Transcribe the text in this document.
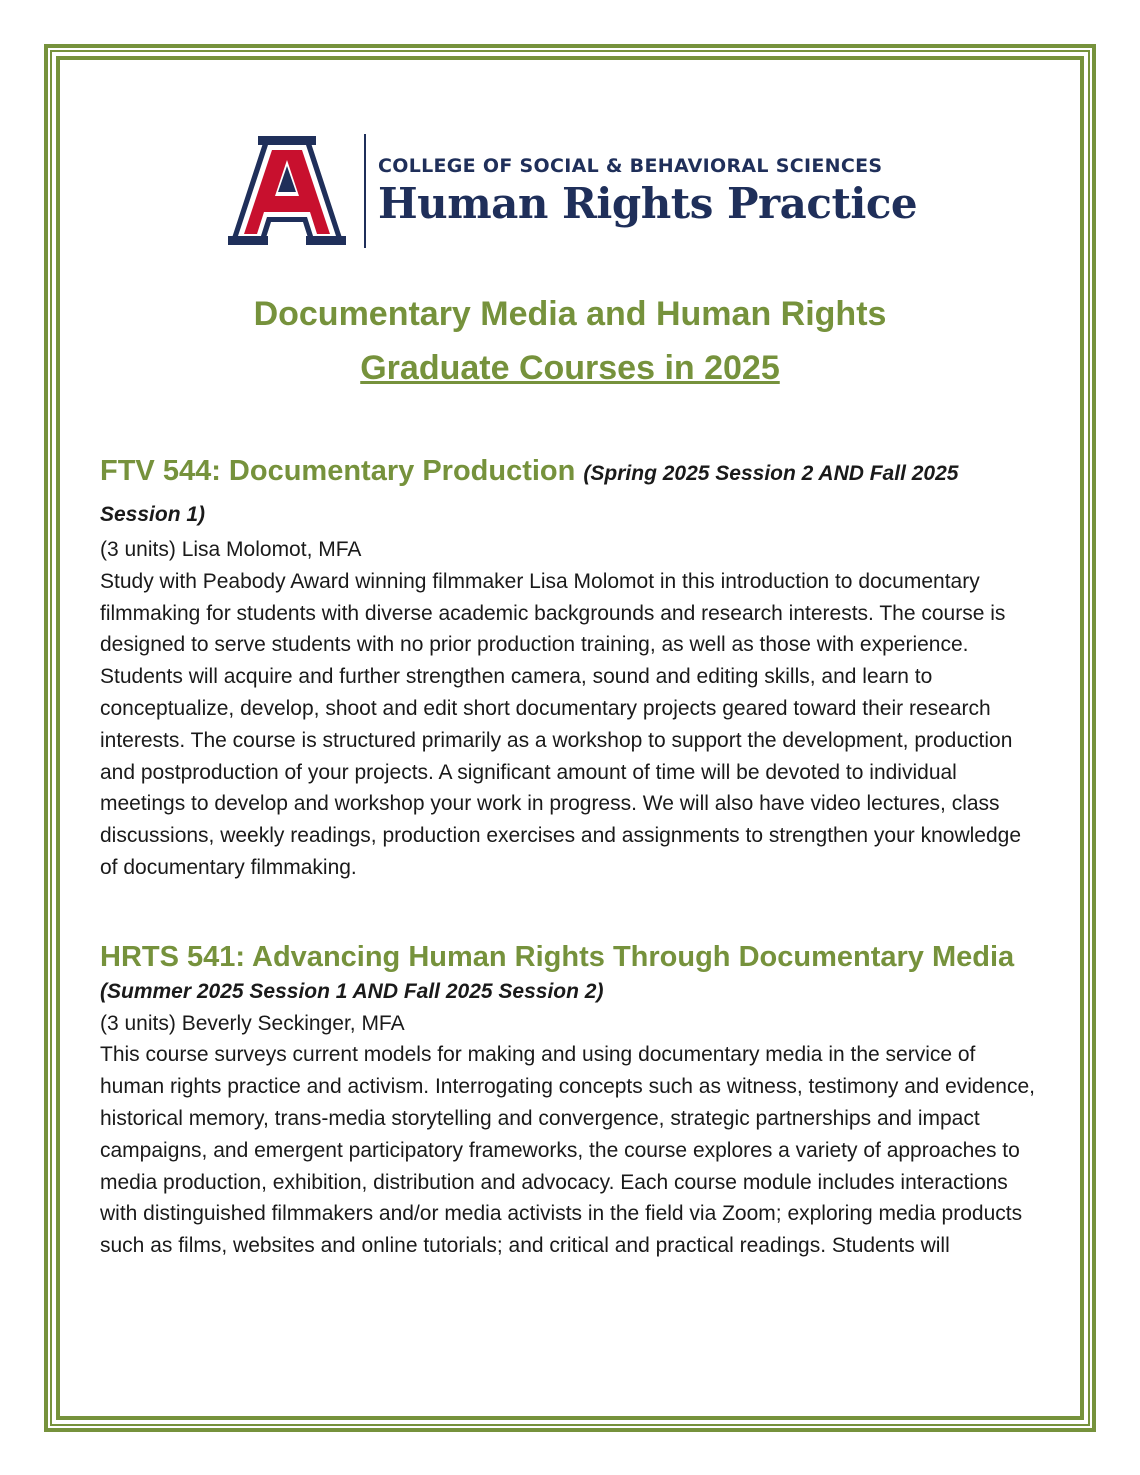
COLLEGE OF SOCIAL & BEHAVIORAL SCIENCES
Human Rights Practice
Documentary Media and Human Rights
Graduate Courses in 2025
FTV 544: Documentary Production (Spring 2025 Session 2 AND Fall 2025 Session 1)
(3 units) Lisa Molomot, MFA
Study with Peabody Award winning filmmaker Lisa Molomot in this introduction to documentary filmmaking for students with diverse academic backgrounds and research interests. The course is designed to serve students with no prior production training, as well as those with experience. Students will acquire and further strengthen camera, sound and editing skills, and learn to conceptualize, develop, shoot and edit short documentary projects geared toward their research interests. The course is structured primarily as a workshop to support the development, production and postproduction of your projects. A significant amount of time will be devoted to individual meetings to develop and workshop your work in progress. We will also have video lectures, class discussions, weekly readings, production exercises and assignments to strengthen your knowledge of documentary filmmaking.
HRTS 541: Advancing Human Rights Through Documentary Media
(Summer 2025 Session 1 AND Fall 2025 Session 2)
(3 units) Beverly Seckinger, MFA
This course surveys current models for making and using documentary media in the service of human rights practice and activism. Interrogating concepts such as witness, testimony and evidence, historical memory, trans-media storytelling and convergence, strategic partnerships and impact campaigns, and emergent participatory frameworks, the course explores a variety of approaches to media production, exhibition, distribution and advocacy. Each course module includes interactions with distinguished filmmakers and/or media activists in the field via Zoom; exploring media products such as films, websites and online tutorials; and critical and practical readings. Students will
